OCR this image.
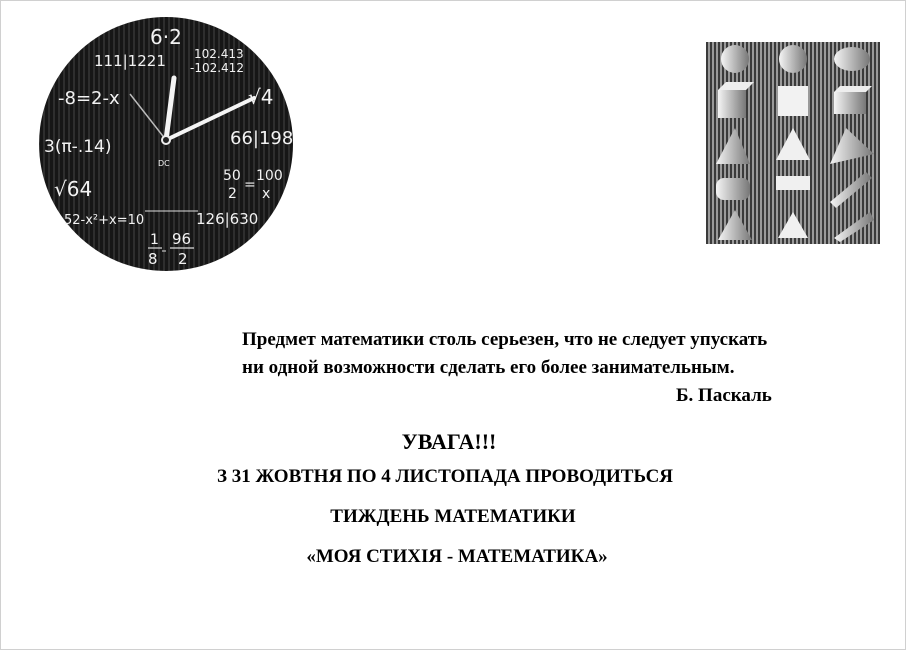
6·2
111|1221 102.413
-102.412
-8=2-x	√4
3(π-.14)	66|198
50
2
=
100
x
√64
52-x²+x=10	126|630
1
8
96
2
DC
Предмет математики столь серьезен, что не следует упускать
ни одной возможности сделать его более занимательным.
Б. Паскаль
УВАГА!!!
З 31 ЖОВТНЯ ПО 4 ЛИСТОПАДА ПРОВОДИТЬСЯ
ТИЖДЕНЬ МАТЕМАТИКИ
«МОЯ СТИХІЯ - МАТЕМАТИКА»
